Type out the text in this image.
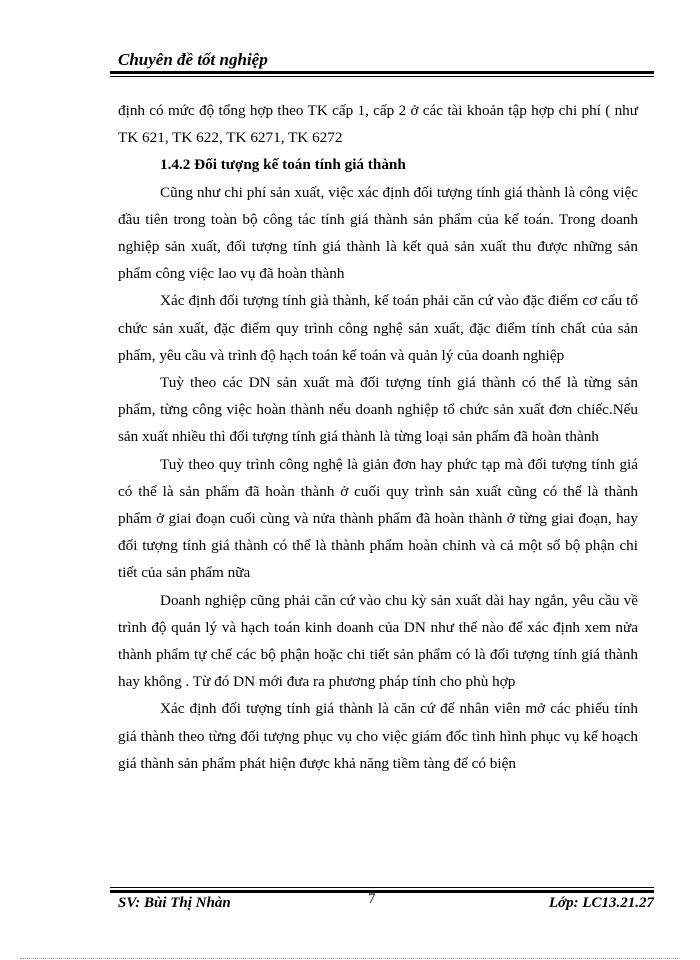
Chuyên đề tốt nghiệp

định có mức độ tổng hợp theo TK cấp 1, cấp 2 ở các tài khoản tập hợp chi phí ( như TK 621, TK 622, TK 6271, TK 6272

1.4.2 Đối tượng kế toán tính giá thành

Cũng như chi phí sản xuất, việc xác định đối tượng tính giá thành là công việc đầu tiên trong toàn bộ công tác tính giá thành sản phẩm của kế toán. Trong doanh nghiệp sản xuất, đối tượng tính giá thành là kết quả sản xuất thu được những sản phẩm công việc lao vụ đã hoàn thành

Xác định đối tượng tính già thành, kế toán phải căn cứ vào đặc điểm cơ cấu tổ chức sản xuất, đặc điểm quy trình công nghệ sản xuất, đặc điểm tính chất của sản phẩm, yêu cầu và trình độ hạch toán kế toán và quản lý của doanh nghiệp

Tuỳ theo các DN sản xuất mà đối tượng tính giá thành có thể là từng sản phẩm, từng công việc hoàn thành nếu doanh nghiệp tổ chức sản xuất đơn chiếc.Nếu sản xuất nhiều thì đối tượng tính giá thành là từng loại sản phẩm đã hoàn thành

Tuỳ theo quy trình công nghệ là giản đơn hay phức tạp mà đối tượng tính giá có thể là sản phẩm đã hoàn thành ở cuối quy trình sản xuất cũng có thể là thành phẩm ở giai đoạn cuối cùng và nửa thành phẩm đã hoàn thành ở từng giai đoạn, hay đối tượng tính giá thành có thể là thành phẩm hoàn chỉnh và cả một số bộ phận chi tiết của sản phẩm nữa

Doanh nghiệp cũng phải căn cứ vào chu kỳ sản xuất dài hay ngắn, yêu cầu về trình độ quản lý và hạch toán kinh doanh của DN như thế nào để xác định xem nửa thành phẩm tự chế các bộ phận hoặc chi tiết sản phẩm có là đối tượng tính giá thành hay không . Từ đó DN mới đưa ra phương pháp tính cho phù hợp

Xác định đối tượng tính giá thành là căn cứ để nhân viên mở các phiếu tính giá thành theo từng đối tượng phục vụ cho việc giám đốc tình hình phục vụ kế hoạch giá thành sản phẩm phát hiện được khả năng tiềm tàng để có biện

SV: Bùi Thị Nhàn	7	Lớp: LC13.21.27
